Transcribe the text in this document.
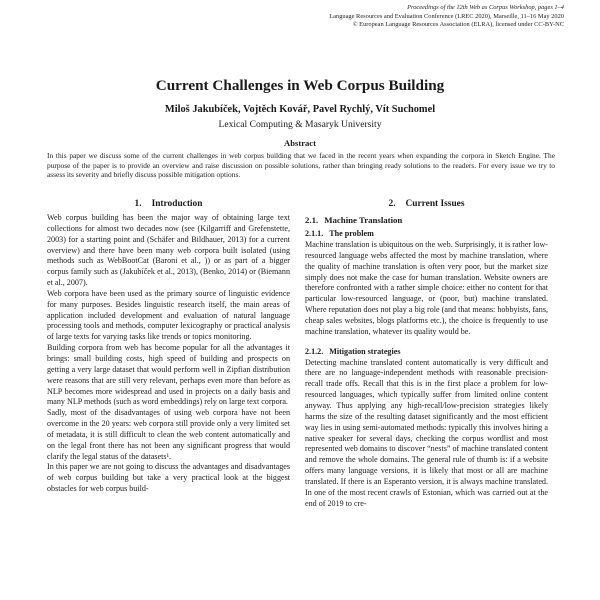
Proceedings of the 12th Web as Corpus Workshop, pages 1–4
Language Resources and Evaluation Conference (LREC 2020), Marseille, 11–16 May 2020
© European Language Resources Association (ELRA), licensed under CC-BY-NC
Current Challenges in Web Corpus Building
Miloš Jakubíček, Vojtěch Kovář, Pavel Rychlý, Vít Suchomel
Lexical Computing & Masaryk University
Abstract

In this paper we discuss some of the current challenges in web corpus building that we faced in the recent years when expanding the corpora in Sketch Engine. The purpose of the paper is to provide an overview and raise discussion on possible solutions, rather than bringing ready solutions to the readers. For every issue we try to assess its severity and briefly discuss possible mitigation options.

1. Introduction

Web corpus building has been the major way of obtaining large text collections for almost two decades now (see (Kilgarriff and Grefenstette, 2003) for a starting point and (Schäfer and Bildhauer, 2013) for a current overview) and there have been many web corpora built isolated (using methods such as WebBootCat (Baroni et al., )) or as part of a bigger corpus family such as (Jakubíček et al., 2013), (Benko, 2014) or (Biemann et al., 2007).

Web corpora have been used as the primary source of linguistic evidence for many purposes. Besides linguistic research itself, the main areas of application included development and evaluation of natural language processing tools and methods, computer lexicography or practical analysis of large texts for varying tasks like trends or topics monitoring.

Building corpora from web has become popular for all the advantages it brings: small building costs, high speed of building and prospects on getting a very large dataset that would perform well in Zipfian distribution were reasons that are still very relevant, perhaps even more than before as NLP becomes more widespread and used in projects on a daily basis and many NLP methods (such as word embeddings) rely on large text corpora.

Sadly, most of the disadvantages of using web corpora have not been overcome in the 20 years: web corpora still provide only a very limited set of metadata, it is still difficult to clean the web content automatically and on the legal front there has not been any significant progress that would clarify the legal status of the datasets¹.

In this paper we are not going to discuss the advantages and disadvantages of web corpus building but take a very practical look at the biggest obstacles for web corpus build-

2. Current Issues
2.1. Machine Translation
2.1.1. The problem

Machine translation is ubiquitous on the web. Surprisingly, it is rather low-resourced language webs affected the most by machine translation, where the quality of machine translation is often very poor, but the market size simply does not make the case for human translation. Website owners are therefore confronted with a rather simple choice: either no content for that particular low-resourced language, or (poor, but) machine translated. Where reputation does not play a big role (and that means: hobbyists, fans, cheap sales websites, blogs platforms etc.), the choice is frequently to use machine translation, whatever its quality would be.

2.1.2. Mitigation strategies

Detecting machine translated content automatically is very difficult and there are no language-independent methods with reasonable precision-recall trade offs. Recall that this is in the first place a problem for low-resourced languages, which typically suffer from limited online content anyway. Thus applying any high-recall/low-precision strategies likely harms the size of the resulting dataset significantly and the most efficient way lies in using semi-automated methods: typically this involves hiring a native speaker for several days, checking the corpus wordlist and most represented web domains to discover “nests” of machine translated content and remove the whole domains. The general rule of thumb is: if a website offers many language versions, it is likely that most or all are machine translated. If there is an Esperanto version, it is always machine translated. In one of the most recent crawls of Estonian, which was carried out at the end of 2019 to cre-
